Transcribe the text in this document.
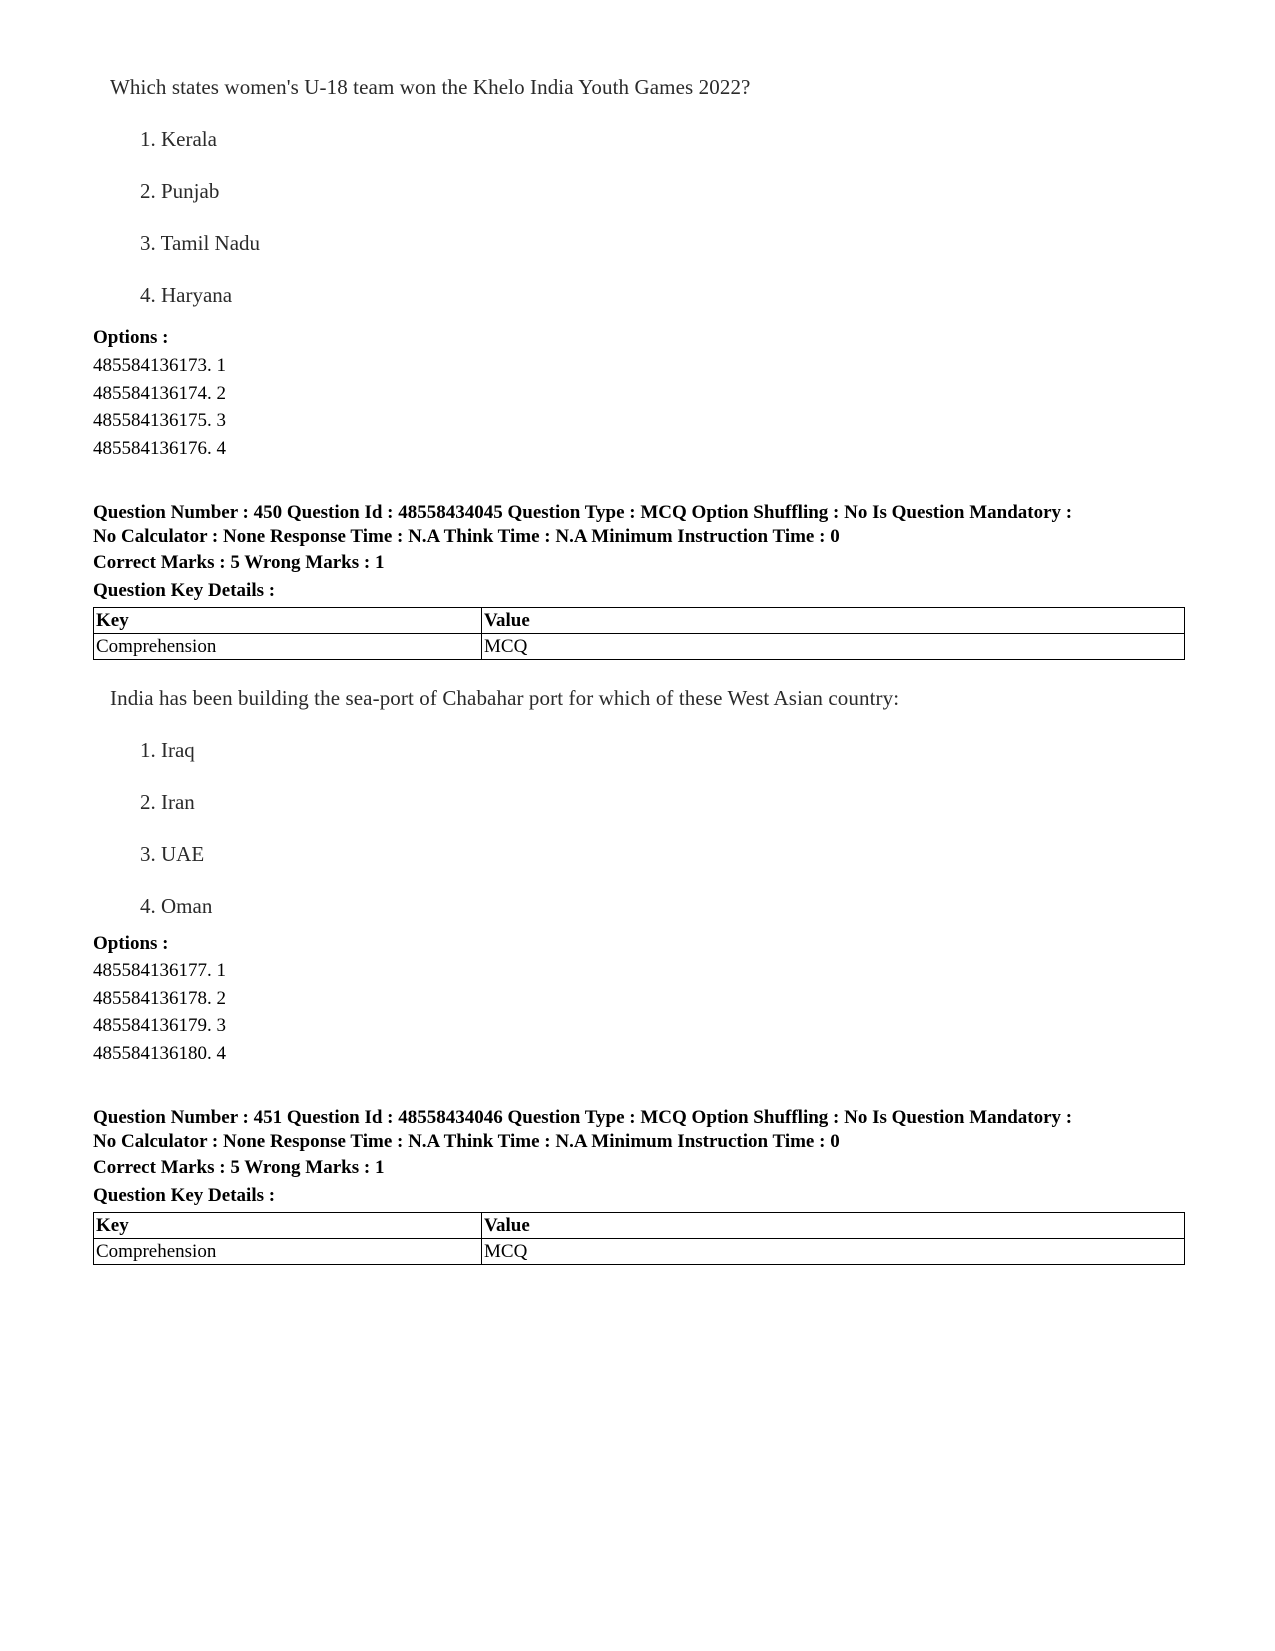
Which states women's U-18 team won the Khelo India Youth Games 2022?
1. Kerala
2. Punjab
3. Tamil Nadu
4. Haryana
Options :
485584136173. 1
485584136174. 2
485584136175. 3
485584136176. 4
Question Number : 450 Question Id : 48558434045 Question Type : MCQ Option Shuffling : No Is Question Mandatory :
No Calculator : None Response Time : N.A Think Time : N.A Minimum Instruction Time : 0
Correct Marks : 5 Wrong Marks : 1
Question Key Details :
Key	Value
Comprehension	MCQ
India has been building the sea-port of Chabahar port for which of these West Asian country:
1. Iraq
2. Iran
3. UAE
4. Oman
Options :
485584136177. 1
485584136178. 2
485584136179. 3
485584136180. 4
Question Number : 451 Question Id : 48558434046 Question Type : MCQ Option Shuffling : No Is Question Mandatory :
No Calculator : None Response Time : N.A Think Time : N.A Minimum Instruction Time : 0
Correct Marks : 5 Wrong Marks : 1
Question Key Details :
Key	Value
Comprehension	MCQ
